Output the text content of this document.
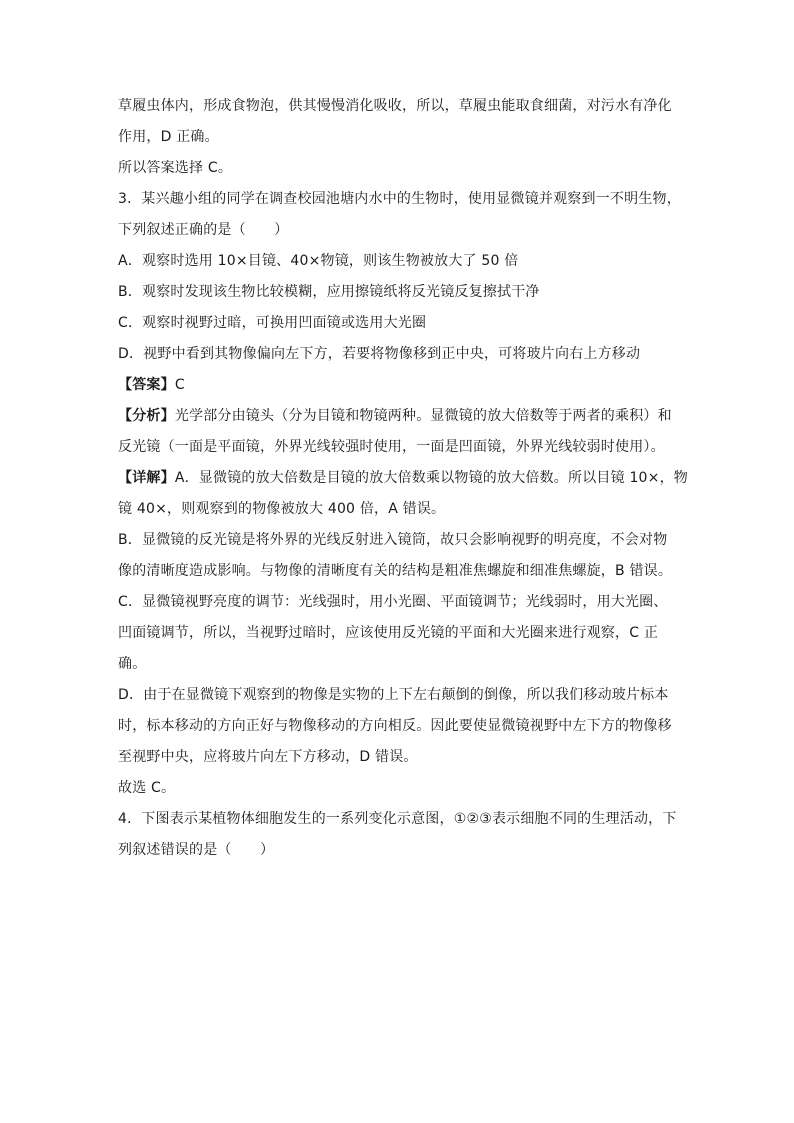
草履虫体内，形成食物泡，供其慢慢消化吸收，所以，草履虫能取食细菌，对污水有净化
作用，D 正确。
所以答案选择 C。
3．某兴趣小组的同学在调查校园池塘内水中的生物时，使用显微镜并观察到一不明生物，
下列叙述正确的是（　　）
A．观察时选用 10×目镜、40×物镜，则该生物被放大了 50 倍
B．观察时发现该生物比较模糊，应用擦镜纸将反光镜反复擦拭干净
C．观察时视野过暗，可换用凹面镜或选用大光圈
D．视野中看到其物像偏向左下方，若要将物像移到正中央，可将玻片向右上方移动
【答案】C
【分析】光学部分由镜头（分为目镜和物镜两种。显微镜的放大倍数等于两者的乘积）和
反光镜（一面是平面镜，外界光线较强时使用，一面是凹面镜，外界光线较弱时使用）。
【详解】A．显微镜的放大倍数是目镜的放大倍数乘以物镜的放大倍数。所以目镜 10×，物
镜 40×，则观察到的物像被放大 400 倍，A 错误。
B．显微镜的反光镜是将外界的光线反射进入镜筒，故只会影响视野的明亮度，不会对物
像的清晰度造成影响。与物像的清晰度有关的结构是粗准焦螺旋和细准焦螺旋，B 错误。
C．显微镜视野亮度的调节：光线强时，用小光圈、平面镜调节；光线弱时，用大光圈、
凹面镜调节，所以，当视野过暗时，应该使用反光镜的平面和大光圈来进行观察，C 正
确。
D．由于在显微镜下观察到的物像是实物的上下左右颠倒的倒像，所以我们移动玻片标本
时，标本移动的方向正好与物像移动的方向相反。因此要使显微镜视野中左下方的物像移
至视野中央，应将玻片向左下方移动，D 错误。
故选 C。
4．下图表示某植物体细胞发生的一系列变化示意图，①②③表示细胞不同的生理活动，下
列叙述错误的是（　　）
